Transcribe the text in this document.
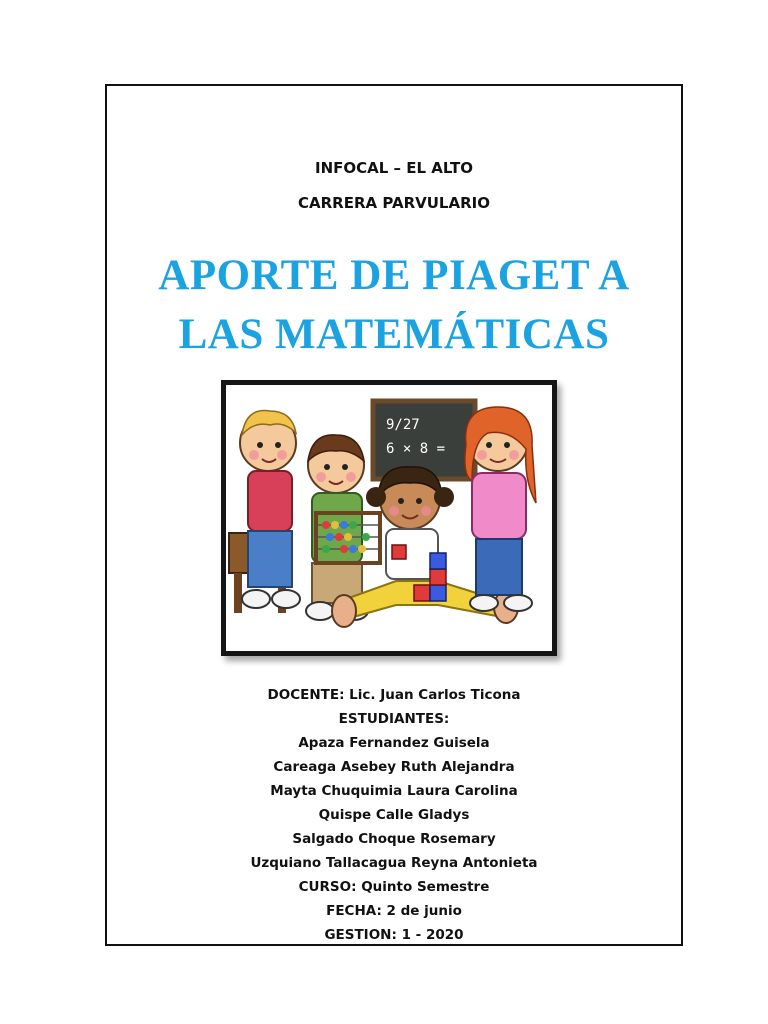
INFOCAL – EL ALTO
CARRERA PARVULARIO
APORTE DE PIAGET A
LAS MATEMÁTICAS
9/27
6 × 8 =
DOCENTE: Lic. Juan Carlos Ticona
ESTUDIANTES:
Apaza Fernandez Guisela
Careaga Asebey Ruth Alejandra
Mayta Chuquimia Laura Carolina
Quispe Calle Gladys
Salgado Choque Rosemary
Uzquiano Tallacagua Reyna Antonieta
CURSO: Quinto Semestre
FECHA: 2 de junio
GESTION: 1 - 2020
